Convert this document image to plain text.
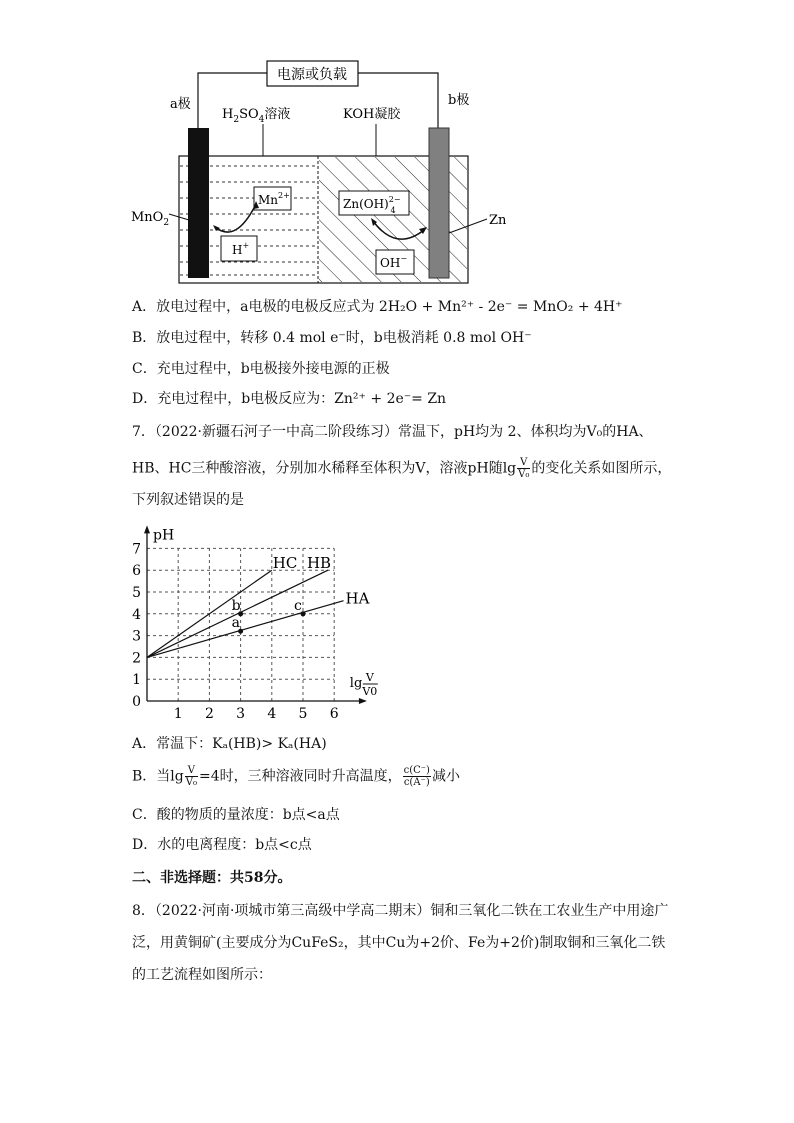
电源或负载
a极	b极
$H_2SO_4$溶液	KOH凝胶
MnO$_2$	Zn
$Mn^{2+}$
H+
Zn(OH)$^{2-}$ 4
OH−
A．放电过程中，a电极的电极反应式为 2H₂O + Mn²⁺ - 2e⁻ = MnO₂ + 4H⁺
B．放电过程中，转移 0.4 mol e⁻时，b电极消耗 0.8 mol OH⁻
C．充电过程中，b电极接外接电源的正极
D．充电过程中，b电极反应为：Zn²⁺ + 2e⁻= Zn
7．（2022·新疆石河子一中高二阶段练习）常温下，pH均为 2、体积均为V₀的HA、
HB、HC三种酸溶液，分别加水稀释至体积为V，溶液pH随$\lg \frac{V}{\text{V₀}}$ 的变化关系如图所示，
下列叙述错误的是
1 2 3 4 5 6
0
1
2
3
4
5
6
7
pH
lg V
V0
HC HB
HA
b
a
c
A．常温下：Kₐ(HB)> Kₐ(HA)
B．当$\lg \frac{V}{\text{V₀}} =4$时，三种溶液同时升高温度， $\frac{c(C^-)}{c(A^-)}$ 减小
C．酸的物质的量浓度：b点<a点
D．水的电离程度：b点<c点
二、非选择题：共58分。
8．（2022·河南·项城市第三高级中学高二期末）铜和三氧化二铁在工农业生产中用途广
泛，用黄铜矿(主要成分为CuFeS₂，其中Cu为+2价、Fe为+2价)制取铜和三氧化二铁
的工艺流程如图所示：
